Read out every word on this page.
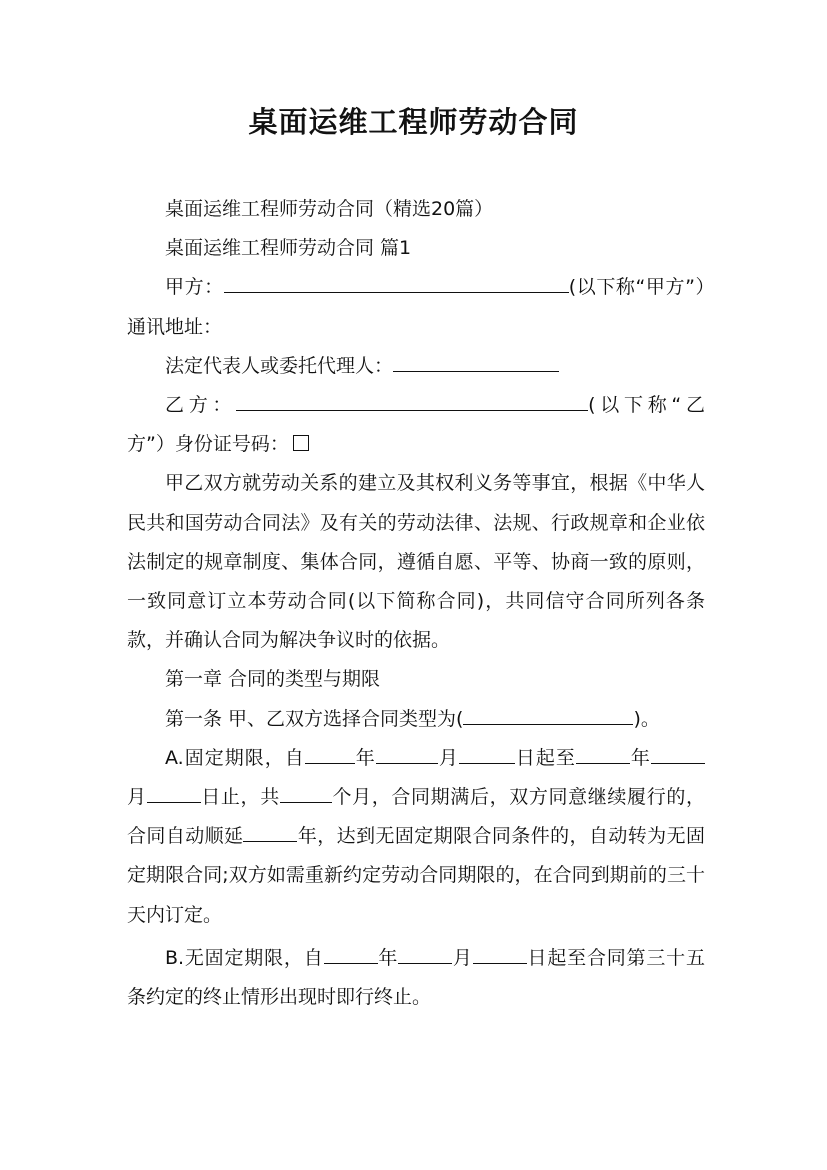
桌面运维工程师劳动合同

桌面运维工程师劳动合同（精选20篇）

桌面运维工程师劳动合同 篇1

甲方：	(以下称“甲方”）通讯地址：

法定代表人或委托代理人：

乙方：	(以下称“乙方”）身份证号码：

甲乙双方就劳动关系的建立及其权利义务等事宜，根据《中华人民共和国劳动合同法》及有关的劳动法律、法规、行政规章和企业依法制定的规章制度、集体合同，遵循自愿、平等、协商一致的原则，一致同意订立本劳动合同(以下简称合同)，共同信守合同所列各条款，并确认合同为解决争议时的依据。

第一章 合同的类型与期限

第一条 甲、乙双方选择合同类型为(	)。

A.固定期限，自	年	月	日起至	年月	日止，共	个月，合同期满后，双方同意继续履行的，合同自动顺延	年，达到无固定期限合同条件的，自动转为无固定期限合同;双方如需重新约定劳动合同期限的，在合同到期前的三十天内订定。

B.无固定期限，自	年	月	日起至合同第三十五条约定的终止情形出现时即行终止。
